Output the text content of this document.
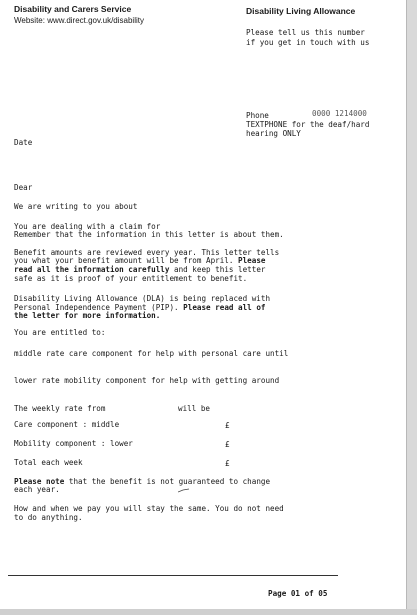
Disability and Carers Service
Website: www.direct.gov.uk/disability
Disability Living Allowance
Please tell us this number
if you get in touch with us
Phone	0000 1214000
TEXTPHONE for the deaf/hard
hearing ONLY
Date
Dear
We are writing to you about
You are dealing with a claim for
Remember that the information in this letter is about them.
Benefit amounts are reviewed every year. This letter tells
you what your benefit amount will be from April. Please
read all the information carefully and keep this letter
safe as it is proof of your entitlement to benefit.
Disability Living Allowance (DLA) is being replaced with
Personal Independence Payment (PIP). Please read all of
the letter for more information.
You are entitled to:
middle rate care component for help with personal care until
lower rate mobility component for help with getting around
The weekly rate from	will be
Care component : middle	£
Mobility component : lower	£
Total each week	£
Please note that the benefit is not guaranteed to change
each year.
How and when we pay you will stay the same. You do not need
to do anything.
Page 01 of 05
